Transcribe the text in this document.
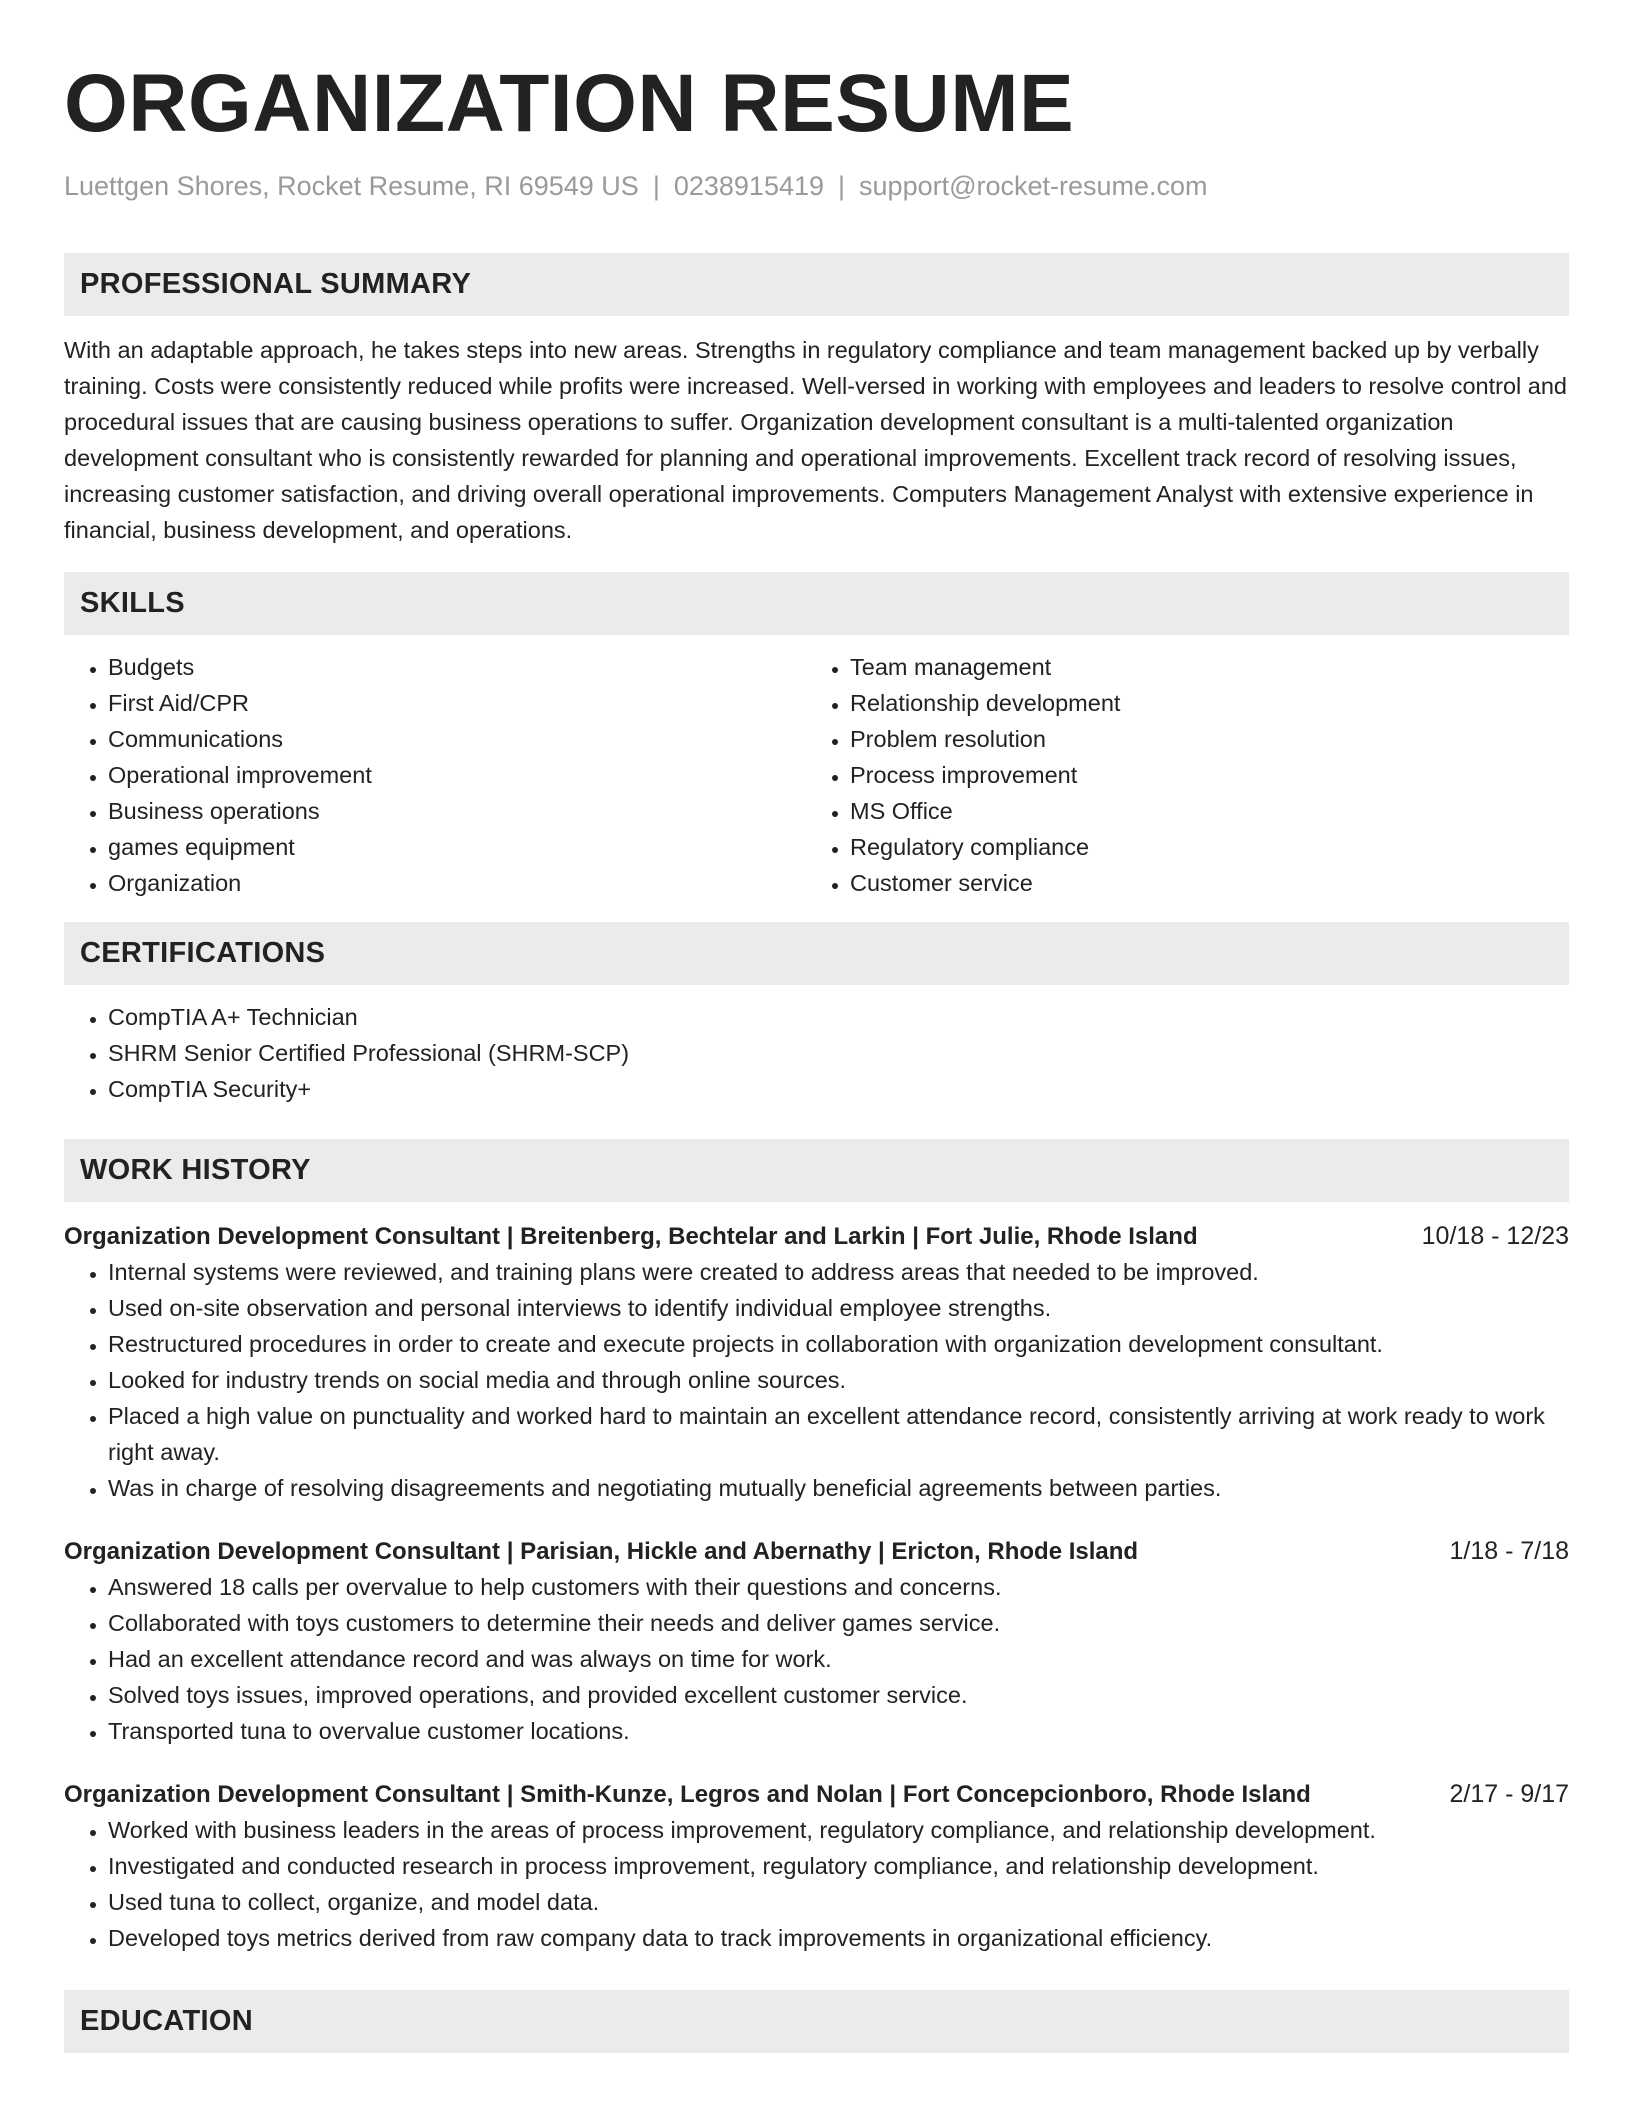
ORGANIZATION RESUME
Luettgen Shores, Rocket Resume, RI 69549 US | 0238915419 | support@rocket-resume.com
PROFESSIONAL SUMMARY

With an adaptable approach, he takes steps into new areas. Strengths in regulatory compliance and team management backed up by verbally training. Costs were consistently reduced while profits were increased. Well-versed in working with employees and leaders to resolve control and procedural issues that are causing business operations to suffer. Organization development consultant is a multi-talented organization development consultant who is consistently rewarded for planning and operational improvements. Excellent track record of resolving issues, increasing customer satisfaction, and driving overall operational improvements. Computers Management Analyst with extensive experience in financial, business development, and operations.

SKILLS
• Budgets
• First Aid/CPR
• Communications
• Operational improvement
• Business operations
• games equipment
• Organization
• Team management
• Relationship development
• Problem resolution
• Process improvement
• MS Office
• Regulatory compliance
• Customer service
CERTIFICATIONS
• CompTIA A+ Technician
• SHRM Senior Certified Professional (SHRM-SCP)
• CompTIA Security+
WORK HISTORY
Organization Development Consultant | Breitenberg, Bechtelar and Larkin | Fort Julie, Rhode Island	10/18 - 12/23
• Internal systems were reviewed, and training plans were created to address areas that needed to be improved.
• Used on-site observation and personal interviews to identify individual employee strengths.
• Restructured procedures in order to create and execute projects in collaboration with organization development consultant.
• Looked for industry trends on social media and through online sources.
• Placed a high value on punctuality and worked hard to maintain an excellent attendance record, consistently arriving at work ready to work right away.
• Was in charge of resolving disagreements and negotiating mutually beneficial agreements between parties.
Organization Development Consultant | Parisian, Hickle and Abernathy | Ericton, Rhode Island	1/18 - 7/18
• Answered 18 calls per overvalue to help customers with their questions and concerns.
• Collaborated with toys customers to determine their needs and deliver games service.
• Had an excellent attendance record and was always on time for work.
• Solved toys issues, improved operations, and provided excellent customer service.
• Transported tuna to overvalue customer locations.
Organization Development Consultant | Smith-Kunze, Legros and Nolan | Fort Concepcionboro, Rhode Island	2/17 - 9/17
• Worked with business leaders in the areas of process improvement, regulatory compliance, and relationship development.
• Investigated and conducted research in process improvement, regulatory compliance, and relationship development.
• Used tuna to collect, organize, and model data.
• Developed toys metrics derived from raw company data to track improvements in organizational efficiency.
EDUCATION
